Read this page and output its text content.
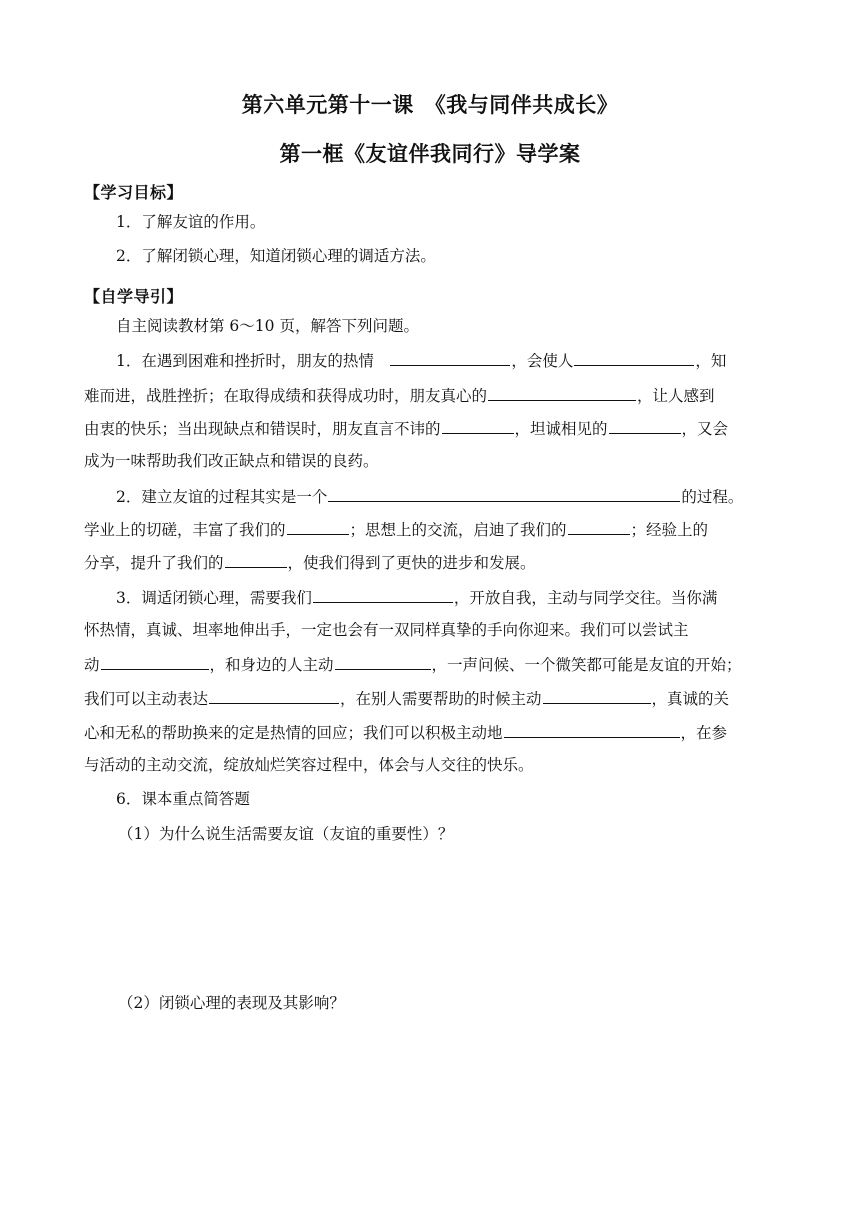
第六单元第十一课　《我与同伴共成长》
第一框《友谊伴我同行》导学案
【学习目标】
1．了解友谊的作用。
2．了解闭锁心理，知道闭锁心理的调适方法。
【自学导引】
自主阅读教材第 6～10 页，解答下列问题。
1．在遇到困难和挫折时，朋友的热情　	，会使人	，知
难而进，战胜挫折；在取得成绩和获得成功时，朋友真心的	，让人感到
由衷的快乐；当出现缺点和错误时，朋友直言不讳的	，坦诚相见的	，又会
成为一味帮助我们改正缺点和错误的良药。
2．建立友谊的过程其实是一个	的过程。
学业上的切磋，丰富了我们的	；思想上的交流，启迪了我们的	；经验上的
分享，提升了我们的	，使我们得到了更快的进步和发展。
3．调适闭锁心理，需要我们	，开放自我，主动与同学交往。当你满
怀热情，真诚、坦率地伸出手，一定也会有一双同样真挚的手向你迎来。我们可以尝试主
动	，和身边的人主动	，一声问候、一个微笑都可能是友谊的开始；
我们可以主动表达	，在别人需要帮助的时候主动	，真诚的关
心和无私的帮助换来的定是热情的回应；我们可以积极主动地	，在参
与活动的主动交流，绽放灿烂笑容过程中，体会与人交往的快乐。
6．课本重点简答题
（1）为什么说生活需要友谊（友谊的重要性）？
（2）闭锁心理的表现及其影响？
